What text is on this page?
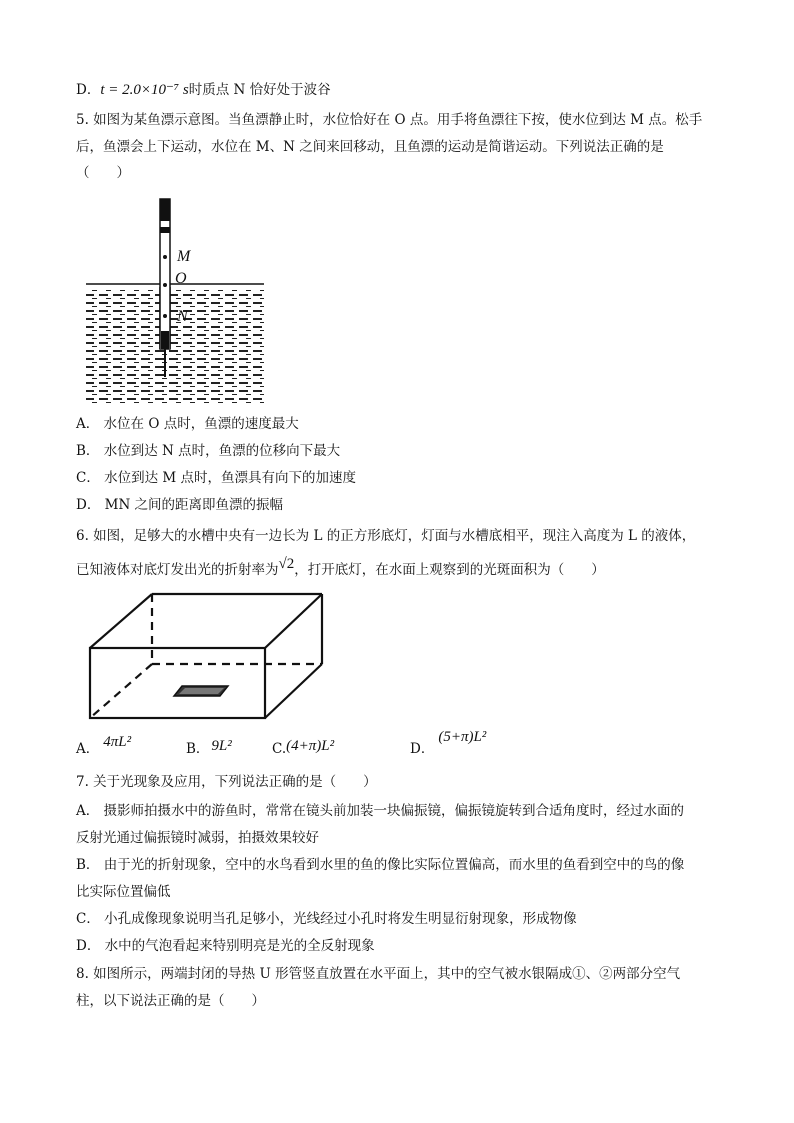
D．t = 2.0×10⁻⁷ s时质点 N 恰好处于波谷
5. 如图为某鱼漂示意图。当鱼漂静止时，水位恰好在 O 点。用手将鱼漂往下按，使水位到达 M 点。松手
后，鱼漂会上下运动，水位在 M、N 之间来回移动，且鱼漂的运动是简谐运动。下列说法正确的是
（　　）
M
O
N
A． 水位在 O 点时，鱼漂的速度最大
B． 水位到达 N 点时，鱼漂的位移向下最大
C． 水位到达 M 点时，鱼漂具有向下的加速度
D． MN 之间的距离即鱼漂的振幅
6. 如图，足够大的水槽中央有一边长为 L 的正方形底灯，灯面与水槽底相平，现注入高度为 L 的液体，
已知液体对底灯发出光的折射率为√2，打开底灯，在水面上观察到的光斑面积为（　　）
A． 4πL²	B． 9L²	C.(4+π)L²	D．(5+π)L²
7. 关于光现象及应用，下列说法正确的是（　　）
A． 摄影师拍摄水中的游鱼时，常常在镜头前加装一块偏振镜，偏振镜旋转到合适角度时，经过水面的
反射光通过偏振镜时减弱，拍摄效果较好
B． 由于光的折射现象，空中的水鸟看到水里的鱼的像比实际位置偏高，而水里的鱼看到空中的鸟的像
比实际位置偏低
C． 小孔成像现象说明当孔足够小，光线经过小孔时将发生明显衍射现象，形成物像
D． 水中的气泡看起来特别明亮是光的全反射现象
8. 如图所示，两端封闭的导热 U 形管竖直放置在水平面上，其中的空气被水银隔成①、②两部分空气
柱，以下说法正确的是（　　）
